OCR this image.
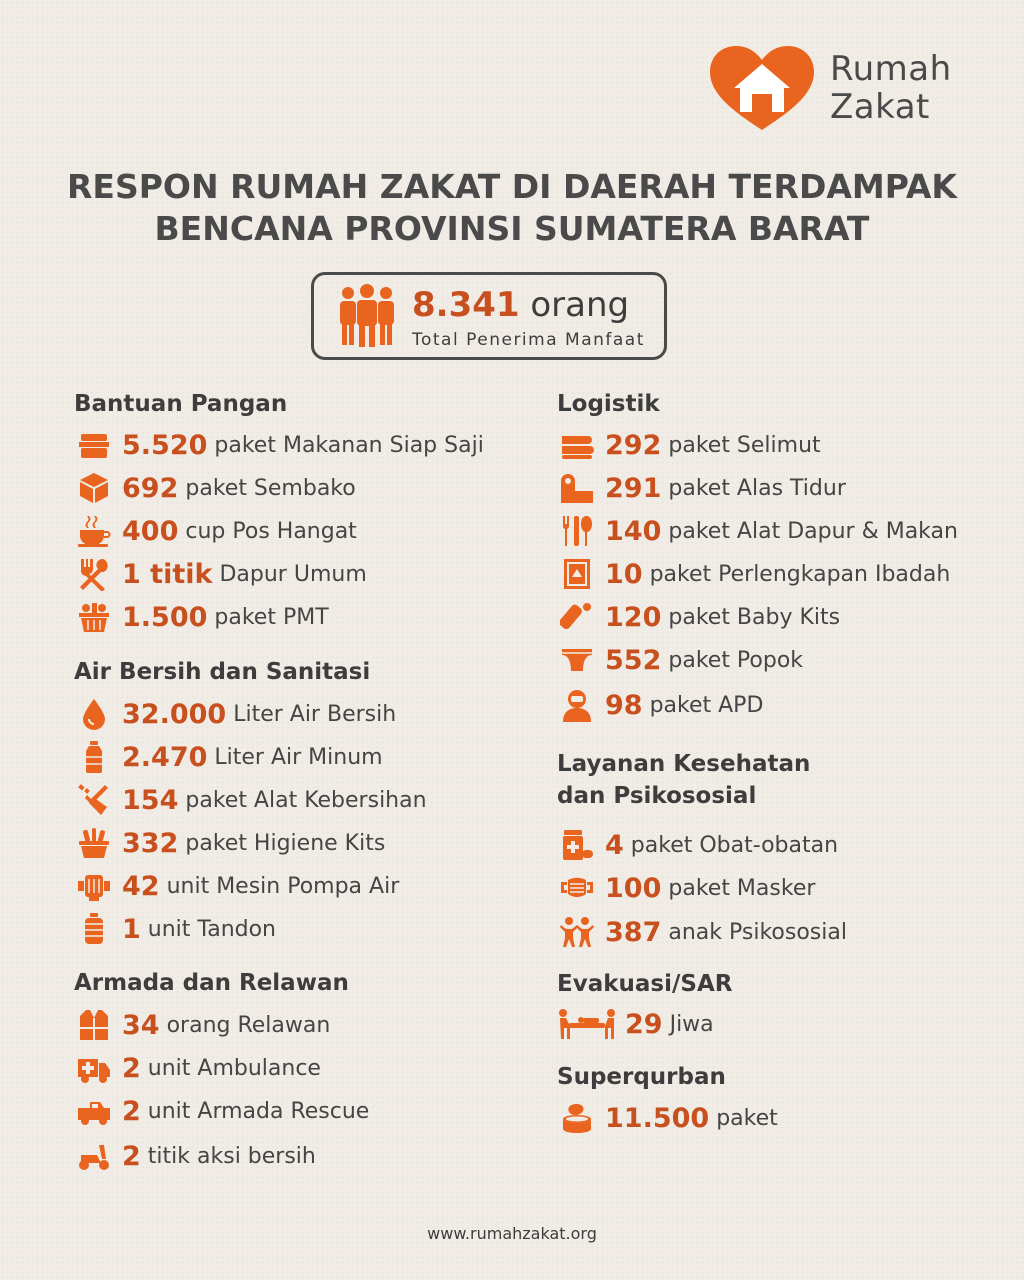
Rumah
Zakat
RESPON RUMAH ZAKAT DI DAERAH TERDAMPAK
BENCANA PROVINSI SUMATERA BARAT
8.341 orang
Total Penerima Manfaat
Bantuan Pangan
5.520 paket Makanan Siap Saji
692 paket Sembako
400 cup Pos Hangat
1 titik Dapur Umum
1.500 paket PMT
Air Bersih dan Sanitasi
32.000 Liter Air Bersih
2.470 Liter Air Minum
154 paket Alat Kebersihan
332 paket Higiene Kits
42 unit Mesin Pompa Air
1 unit Tandon
Armada dan Relawan
34 orang Relawan
2 unit Ambulance
2 unit Armada Rescue
2 titik aksi bersih
Logistik
292 paket Selimut
291 paket Alas Tidur
140 paket Alat Dapur & Makan
10 paket Perlengkapan Ibadah
120 paket Baby Kits
552 paket Popok
98 paket APD
Layanan Kesehatan
dan Psikososial
4 paket Obat-obatan
100 paket Masker
387 anak Psikososial
Evakuasi/SAR
29 Jiwa
Superqurban
11.500 paket
www.rumahzakat.org
